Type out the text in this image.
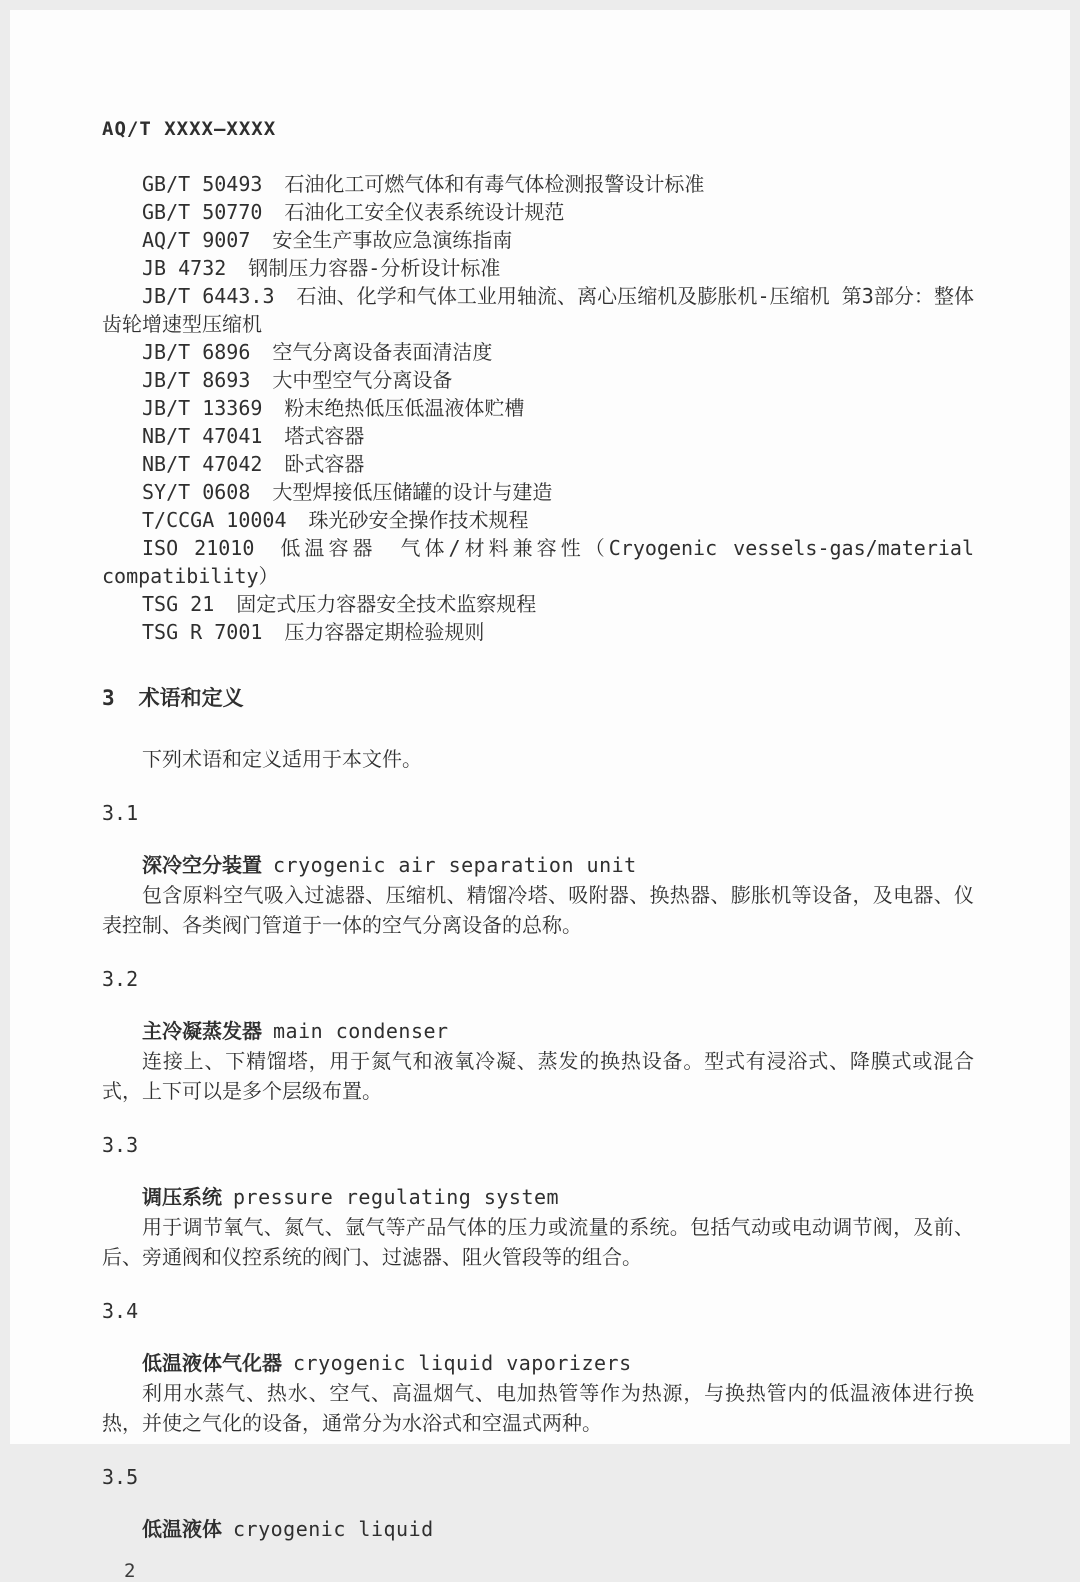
AQ/T XXXX—XXXX

GB/T 50493 石油化工可燃气体和有毒气体检测报警设计标准

GB/T 50770 石油化工安全仪表系统设计规范

AQ/T 9007 安全生产事故应急演练指南

JB 4732 钢制压力容器-分析设计标准

JB/T 6443.3 石油、化学和气体工业用轴流、离心压缩机及膨胀机-压缩机 第3部分：整体齿轮增速型压缩机

JB/T 6896 空气分离设备表面清洁度

JB/T 8693 大中型空气分离设备

JB/T 13369 粉末绝热低压低温液体贮槽

NB/T 47041 塔式容器

NB/T 47042 卧式容器

SY/T 0608 大型焊接低压储罐的设计与建造

T/CCGA 10004 珠光砂安全操作技术规程

ISO 21010 低温容器　气体/材料兼容性（Cryogenic vessels-gas/material compatibility）

TSG 21 固定式压力容器安全技术监察规程

TSG R 7001 压力容器定期检验规则

3 术语和定义

下列术语和定义适用于本文件。

3.1

深冷空分装置 cryogenic air separation unit

包含原料空气吸入过滤器、压缩机、精馏冷塔、吸附器、换热器、膨胀机等设备，及电器、仪表控制、各类阀门管道于一体的空气分离设备的总称。

3.2

主冷凝蒸发器 main condenser

连接上、下精馏塔，用于氮气和液氧冷凝、蒸发的换热设备。型式有浸浴式、降膜式或混合式，上下可以是多个层级布置。

3.3

调压系统 pressure regulating system

用于调节氧气、氮气、氩气等产品气体的压力或流量的系统。包括气动或电动调节阀，及前、后、旁通阀和仪控系统的阀门、过滤器、阻火管段等的组合。

3.4

低温液体气化器 cryogenic liquid vaporizers

利用水蒸气、热水、空气、高温烟气、电加热管等作为热源，与换热管内的低温液体进行换热，并使之气化的设备，通常分为水浴式和空温式两种。

3.5

低温液体 cryogenic liquid

2
